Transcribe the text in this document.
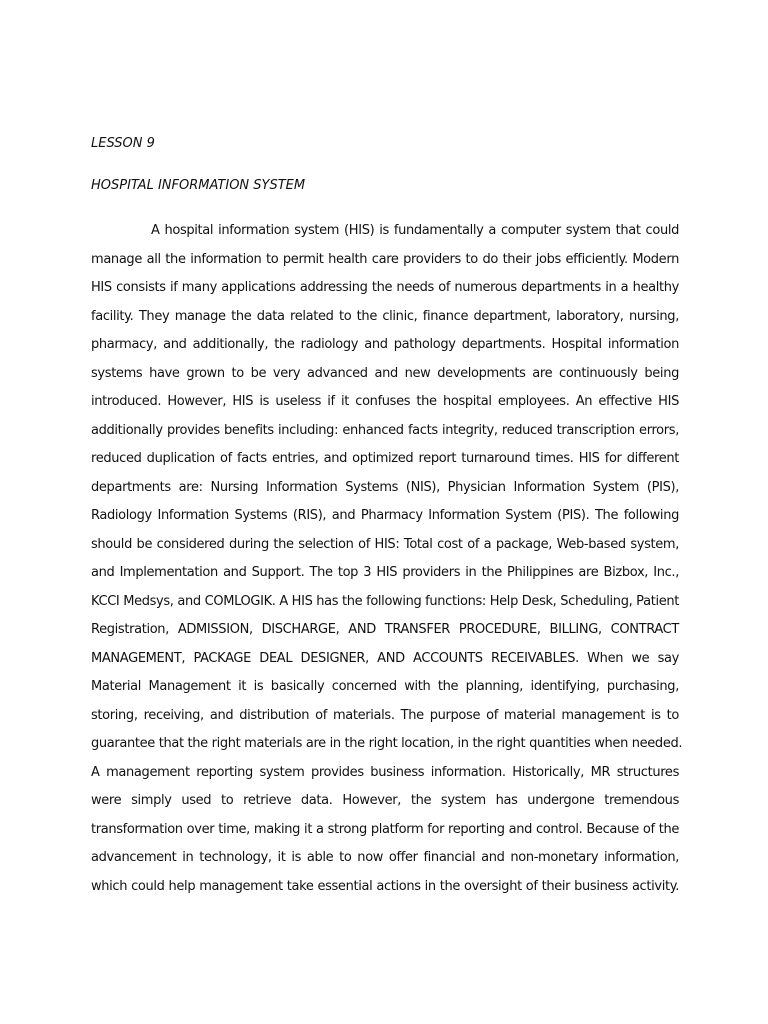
LESSON 9

HOSPITAL INFORMATION SYSTEM
A hospital information system (HIS) is fundamentally a computer system that could
manage all the information to permit health care providers to do their jobs efficiently. Modern
HIS consists if many applications addressing the needs of numerous departments in a healthy
facility. They manage the data related to the clinic, finance department, laboratory, nursing,
pharmacy, and additionally, the radiology and pathology departments. Hospital information
systems have grown to be very advanced and new developments are continuously being
introduced. However, HIS is useless if it confuses the hospital employees. An effective HIS
additionally provides benefits including: enhanced facts integrity, reduced transcription errors,
reduced duplication of facts entries, and optimized report turnaround times. HIS for different
departments are: Nursing Information Systems (NIS), Physician Information System (PIS),
Radiology Information Systems (RIS), and Pharmacy Information System (PIS). The following
should be considered during the selection of HIS: Total cost of a package, Web-based system,
and Implementation and Support. The top 3 HIS providers in the Philippines are Bizbox, Inc.,
KCCI Medsys, and COMLOGIK. A HIS has the following functions: Help Desk, Scheduling, Patient
Registration, ADMISSION, DISCHARGE, AND TRANSFER PROCEDURE, BILLING, CONTRACT
MANAGEMENT, PACKAGE DEAL DESIGNER, AND ACCOUNTS RECEIVABLES. When we say
Material Management it is basically concerned with the planning, identifying, purchasing,
storing, receiving, and distribution of materials. The purpose of material management is to
guarantee that the right materials are in the right location, in the right quantities when needed.
A management reporting system provides business information. Historically, MR structures
were simply used to retrieve data. However, the system has undergone tremendous
transformation over time, making it a strong platform for reporting and control. Because of the
advancement in technology, it is able to now offer financial and non-monetary information,
which could help management take essential actions in the oversight of their business activity.
